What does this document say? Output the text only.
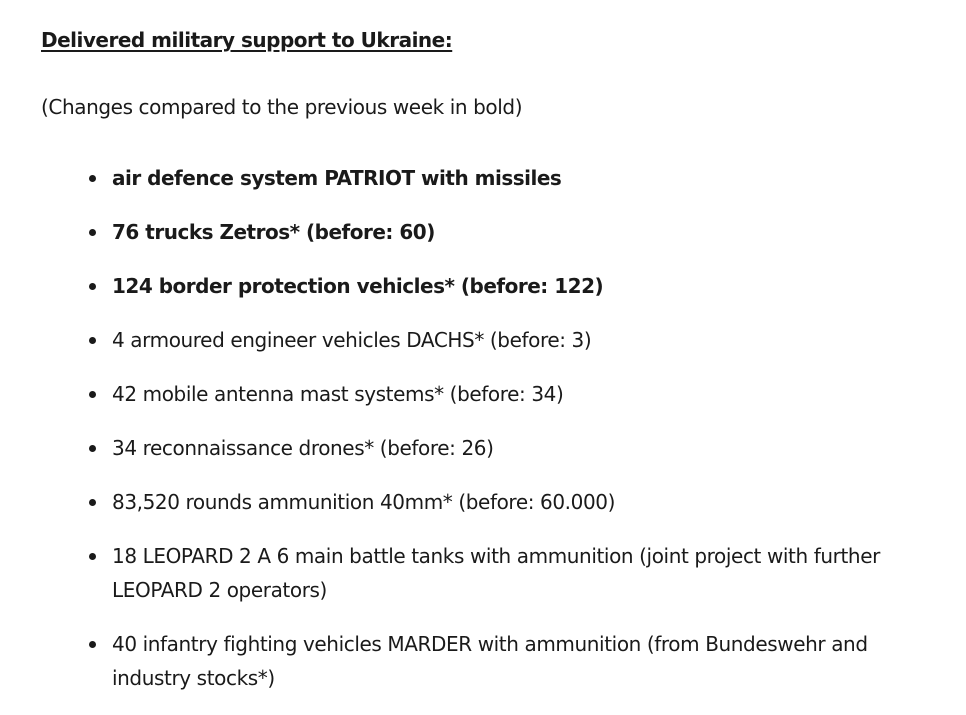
Delivered military support to Ukraine:

(Changes compared to the previous week in bold)

air defence system PATRIOT with missiles
76 trucks Zetros* (before: 60)
124 border protection vehicles* (before: 122)
4 armoured engineer vehicles DACHS* (before: 3)
42 mobile antenna mast systems* (before: 34)
34 reconnaissance drones* (before: 26)
83,520 rounds ammunition 40mm* (before: 60.000)
18 LEOPARD 2 A 6 main battle tanks with ammunition (joint project with further LEOPARD 2 operators)
40 infantry fighting vehicles MARDER with ammunition (from Bundeswehr and industry stocks*)
